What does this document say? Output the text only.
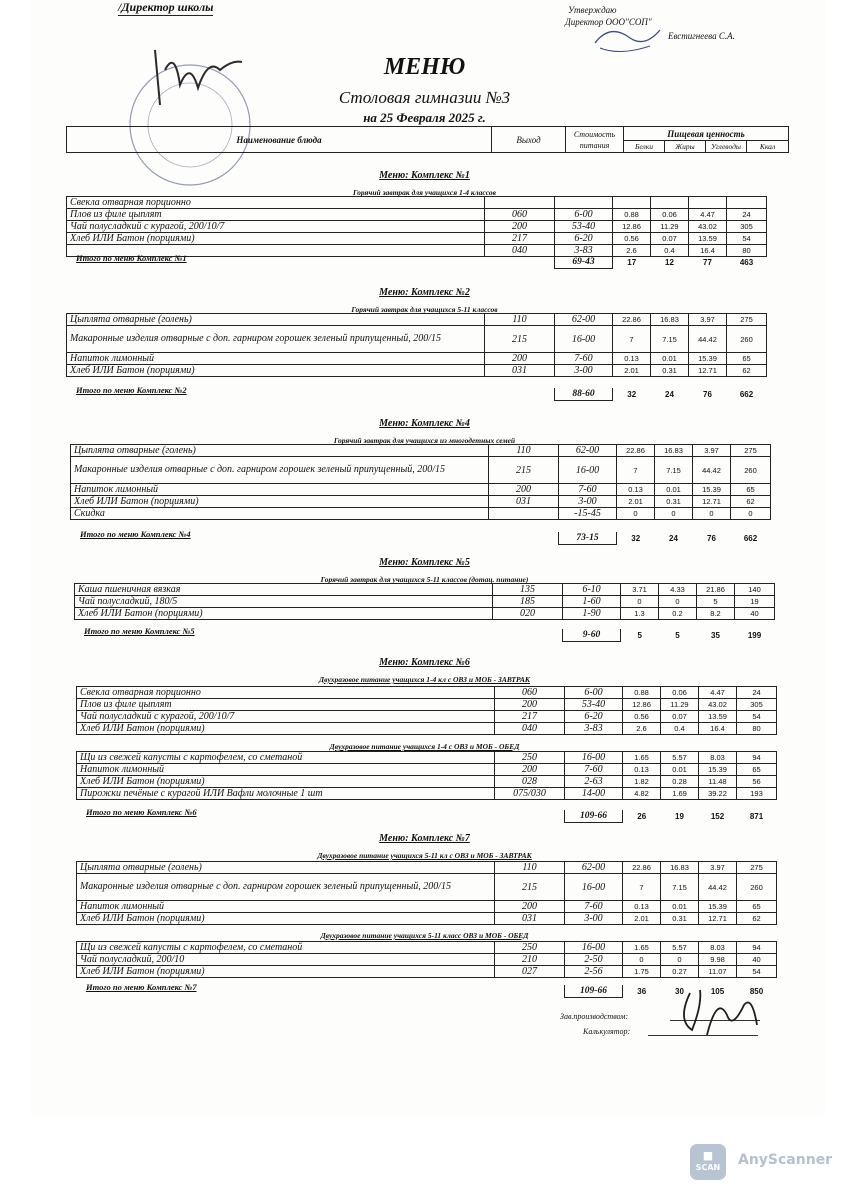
/Директор школы	Утверждаю
Директор ООО"СОП"
Евстигнеева С.А.
МЕНЮ
Столовая гимназии №3
на 25 Февраля 2025 г.
Наименование блюда	Выход	Стоимость питания	Пищевая ценность			
			Белки	Жиры	Углеводы	Ккал
Меню: Комплекс №1
Горячий завтрак для учащихся 1-4 классов
Свекла отварная порционно						
Плов из филе цыплят	060	6-00	0.88	0.06	4.47	24
Чай полусладкий с курагой, 200/10/7	200	53-40	12.86	11.29	43.02	305
Хлеб ИЛИ Батон (порциями)	217	6-20	0.56	0.07	13.59	54
	040	3-83	2.6	0.4	16.4	80
Итого по меню Комплекс №1	69-43	17	12	77	463
Меню: Комплекс №2
Горячий завтрак для учащихся 5-11 классов
Цыплята отварные (голень)	110	62-00	22.86	16.83	3.97	275
Макаронные изделия отварные с доп. гарниром горошек зеленый припущенный, 200/15	215	16-00	7	7.15	44.42	260
Напиток лимонный	200	7-60	0.13	0.01	15.39	65
Хлеб ИЛИ Батон (порциями)	031	3-00	2.01	0.31	12.71	62
Итого по меню Комплекс №2	88-60	32	24	76	662
Меню: Комплекс №4
Горячий завтрак для учащихся из многодетных семей
Цыплята отварные (голень)	110	62-00	22.86	16.83	3.97	275
Макаронные изделия отварные с доп. гарниром горошек зеленый припущенный, 200/15	215	16-00	7	7.15	44.42	260
Напиток лимонный	200	7-60	0.13	0.01	15.39	65
Хлеб ИЛИ Батон (порциями)	031	3-00	2.01	0.31	12.71	62
Скидка		-15-45	0	0	0	0
Итого по меню Комплекс №4	73-15	32	24	76	662
Меню: Комплекс №5
Горячий завтрак для учащихся 5-11 классов (дотац. питание)
Каша пшеничная вязкая	135	6-10	3.71	4.33	21.86	140
Чай полусладкий, 180/5	185	1-60	0	0	5	19
Хлеб ИЛИ Батон (порциями)	020	1-90	1.3	0.2	8.2	40
Итого по меню Комплекс №5	9-60	5	5	35	199
Меню: Комплекс №6
Двухразовое питание учащихся 1-4 кл с ОВЗ и МОБ - ЗАВТРАК
Свекла отварная порционно	060	6-00	0.88	0.06	4.47	24
Плов из филе цыплят	200	53-40	12.86	11.29	43.02	305
Чай полусладкий с курагой, 200/10/7	217	6-20	0.56	0.07	13.59	54
Хлеб ИЛИ Батон (порциями)	040	3-83	2.6	0.4	16.4	80
Двухразовое питание учащихся 1-4 с ОВЗ и МОБ - ОБЕД
Щи из свежей капусты с картофелем, со сметаной	250	16-00	1.65	5.57	8.03	94
Напиток лимонный	200	7-60	0.13	0.01	15.39	65
Хлеб ИЛИ Батон (порциями)	028	2-63	1.82	0.28	11.48	56
Пирожки печёные с курагой ИЛИ Вафли молочные 1 шт	075/030	14-00	4.82	1.69	39.22	193
Итого по меню Комплекс №6	109-66	26	19	152	871
Меню: Комплекс №7
Двухразовое питание учащихся 5-11 кл с ОВЗ и МОБ - ЗАВТРАК
Цыплята отварные (голень)	110	62-00	22.86	16.83	3.97	275
Макаронные изделия отварные с доп. гарниром горошек зеленый припущенный, 200/15	215	16-00	7	7.15	44.42	260
Напиток лимонный	200	7-60	0.13	0.01	15.39	65
Хлеб ИЛИ Батон (порциями)	031	3-00	2.01	0.31	12.71	62
Двухразовое питание учащихся 5-11 класс ОВЗ и МОБ - ОБЕД
Щи из свежей капусты с картофелем, со сметаной	250	16-00	1.65	5.57	8.03	94
Чай полусладкий, 200/10	210	2-50	0	0	9.98	40
Хлеб ИЛИ Батон (порциями)	027	2-56	1.75	0.27	11.07	54
Итого по меню Комплекс №7	109-66	36	30	105	850
Зав.производством:
Калькулятор:
■
SCAN	AnyScanner
